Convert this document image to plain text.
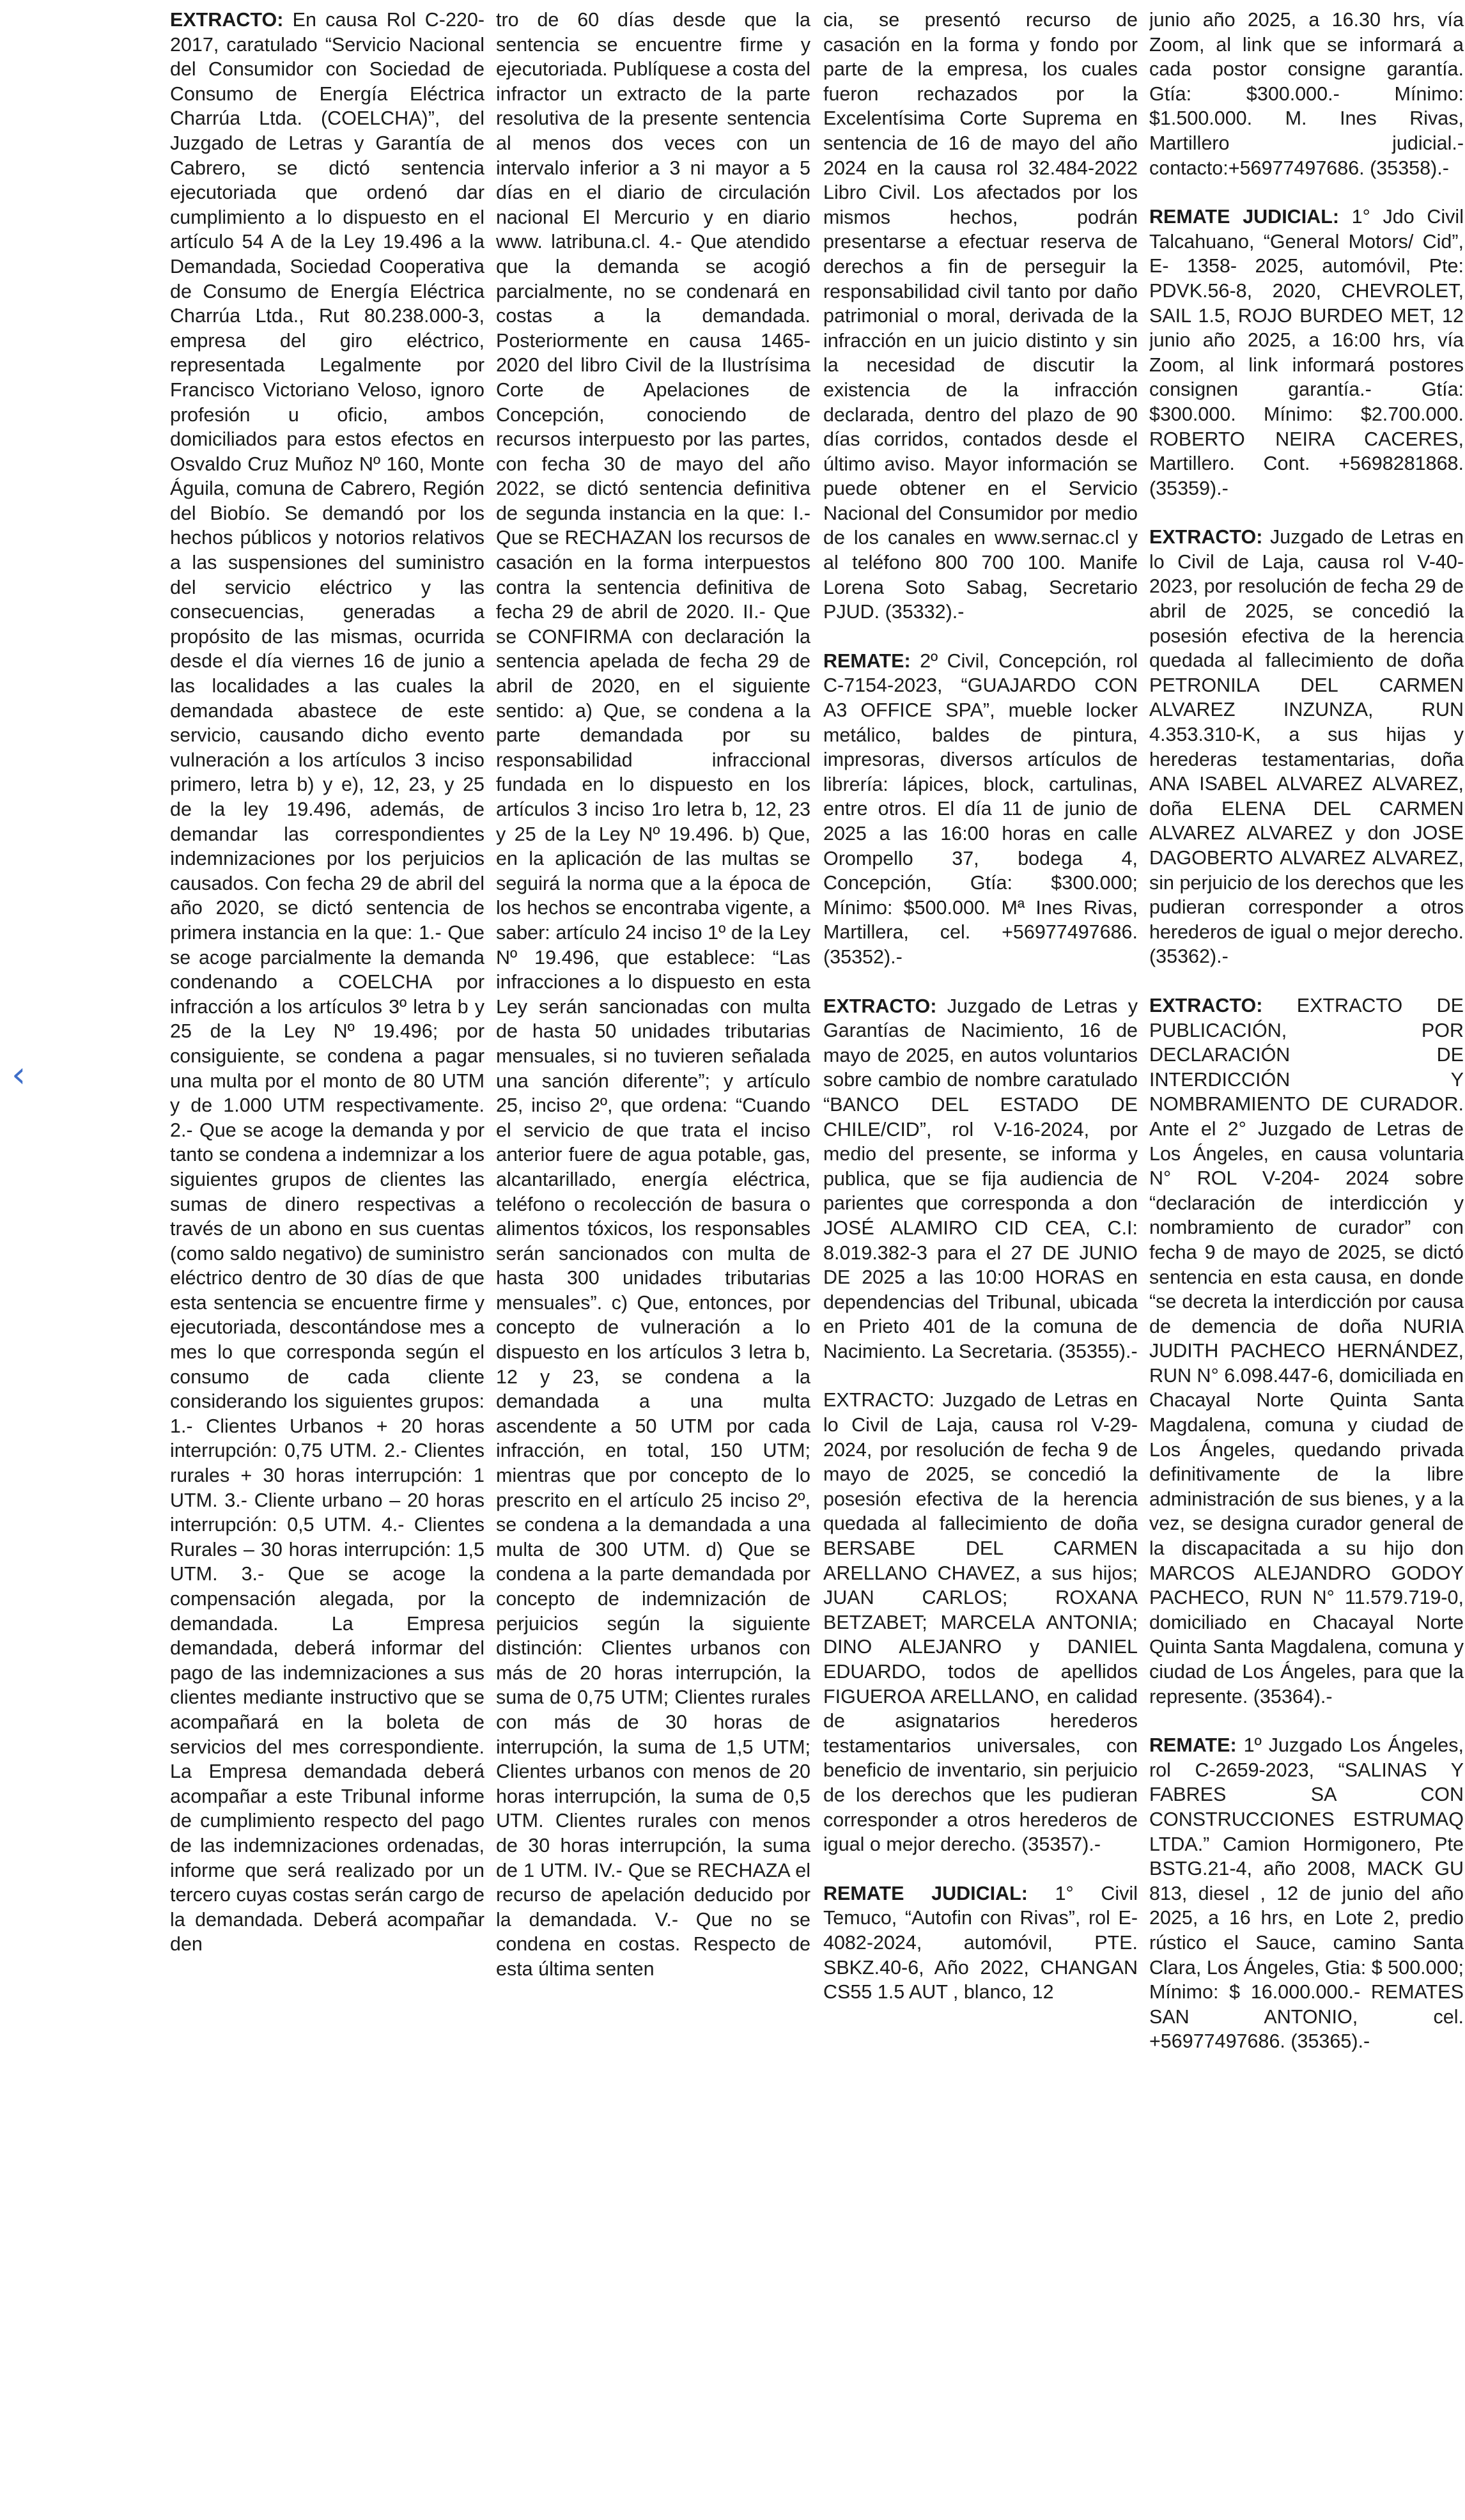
‹

EXTRACTO: En causa Rol C-220-2017, caratulado “Servicio Nacional del Consumidor con Sociedad de Consumo de Energía Eléctrica Charrúa Ltda. (COELCHA)”, del Juzgado de Letras y Garantía de Cabrero, se dictó sentencia ejecutoriada que ordenó dar cumplimiento a lo dispuesto en el artículo 54 A de la Ley 19.496 a la Demandada, Sociedad Cooperativa de Consumo de Energía Eléctrica Charrúa Ltda., Rut 80.238.000-3, empresa del giro eléctrico, representada Legalmente por Francisco Victoriano Veloso, ignoro profesión u oficio, ambos domiciliados para estos efectos en Osvaldo Cruz Muñoz Nº 160, Monte Águila, comuna de Cabrero, Región del Biobío. Se demandó por los hechos públicos y notorios relativos a las suspensiones del suministro del servicio eléctrico y las consecuencias, generadas a propósito de las mismas, ocurrida desde el día viernes 16 de junio a las localidades a las cuales la demandada abastece de este servicio, causando dicho evento vulneración a los artículos 3 inciso primero, letra b) y e), 12, 23, y 25 de la ley 19.496, además, de demandar las correspondientes indemnizaciones por los perjuicios causados. Con fecha 29 de abril del año 2020, se dictó sentencia de primera instancia en la que: 1.- Que se acoge parcialmente la demanda condenando a COELCHA por infracción a los artículos 3º letra b y 25 de la Ley Nº 19.496; por consiguiente, se condena a pagar una multa por el monto de 80 UTM y de 1.000 UTM respectivamente. 2.- Que se acoge la demanda y por tanto se condena a indemnizar a los siguientes grupos de clientes las sumas de dinero respectivas a través de un abono en sus cuentas (como saldo negativo) de suministro eléctrico dentro de 30 días de que esta sentencia se encuentre firme y ejecutoriada, descontándose mes a mes lo que corresponda según el consumo de cada cliente considerando los siguientes grupos: 1.- Clientes Urbanos + 20 horas interrupción: 0,75 UTM. 2.- Clientes rurales + 30 horas interrupción: 1 UTM. 3.- Cliente urbano – 20 horas interrupción: 0,5 UTM. 4.- Clientes Rurales – 30 horas interrupción: 1,5 UTM. 3.- Que se acoge la compensación alegada, por la demandada. La Empresa demandada, deberá informar del pago de las indemnizaciones a sus clientes mediante instructivo que se acompañará en la boleta de servicios del mes correspondiente. La Empresa demandada deberá acompañar a este Tribunal informe de cumplimiento respecto del pago de las indemnizaciones ordenadas, informe que será realizado por un tercero cuyas costas serán cargo de la demandada. Deberá acompañar den

tro de 60 días desde que la sentencia se encuentre firme y ejecutoriada. Publíquese a costa del infractor un extracto de la parte resolutiva de la presente sentencia al menos dos veces con un intervalo inferior a 3 ni mayor a 5 días en el diario de circulación nacional El Mercurio y en diario www. latribuna.cl. 4.- Que atendido que la demanda se acogió parcialmente, no se condenará en costas a la demandada. Posteriormente en causa 1465-2020 del libro Civil de la Ilustrísima Corte de Apelaciones de Concepción, conociendo de recursos interpuesto por las partes, con fecha 30 de mayo del año 2022, se dictó sentencia definitiva de segunda instancia en la que: I.- Que se RECHAZAN los recursos de casación en la forma interpuestos contra la sentencia definitiva de fecha 29 de abril de 2020. II.- Que se CONFIRMA con declaración la sentencia apelada de fecha 29 de abril de 2020, en el siguiente sentido: a) Que, se condena a la parte demandada por su responsabilidad infraccional fundada en lo dispuesto en los artículos 3 inciso 1ro letra b, 12, 23 y 25 de la Ley Nº 19.496. b) Que, en la aplicación de las multas se seguirá la norma que a la época de los hechos se encontraba vigente, a saber: artículo 24 inciso 1º de la Ley Nº 19.496, que establece: “Las infracciones a lo dispuesto en esta Ley serán sancionadas con multa de hasta 50 unidades tributarias mensuales, si no tuvieren señalada una sanción diferente”; y artículo 25, inciso 2º, que ordena: “Cuando el servicio de que trata el inciso anterior fuere de agua potable, gas, alcantarillado, energía eléctrica, teléfono o recolección de basura o alimentos tóxicos, los responsables serán sancionados con multa de hasta 300 unidades tributarias mensuales”. c) Que, entonces, por concepto de vulneración a lo dispuesto en los artículos 3 letra b, 12 y 23, se condena a la demandada a una multa ascendente a 50 UTM por cada infracción, en total, 150 UTM; mientras que por concepto de lo prescrito en el artículo 25 inciso 2º, se condena a la demandada a una multa de 300 UTM. d) Que se condena a la parte demandada por concepto de indemnización de perjuicios según la siguiente distinción: Clientes urbanos con más de 20 horas interrupción, la suma de 0,75 UTM; Clientes rurales con más de 30 horas de interrupción, la suma de 1,5 UTM; Clientes urbanos con menos de 20 horas interrupción, la suma de 0,5 UTM. Clientes rurales con menos de 30 horas interrupción, la suma de 1 UTM. IV.- Que se RECHAZA el recurso de apelación deducido por la demandada. V.- Que no se condena en costas. Respecto de esta última senten

cia, se presentó recurso de casación en la forma y fondo por parte de la empresa, los cuales fueron rechazados por la Excelentísima Corte Suprema en sentencia de 16 de mayo del año 2024 en la causa rol 32.484-2022 Libro Civil. Los afectados por los mismos hechos, podrán presentarse a efectuar reserva de derechos a fin de perseguir la responsabilidad civil tanto por daño patrimonial o moral, derivada de la infracción en un juicio distinto y sin la necesidad de discutir la existencia de la infracción declarada, dentro del plazo de 90 días corridos, contados desde el último aviso. Mayor información se puede obtener en el Servicio Nacional del Consumidor por medio de los canales en www.sernac.cl y al teléfono 800 700 100. Manife Lorena Soto Sabag, Secretario PJUD. (35332).-

REMATE: 2º Civil, Concepción, rol C-7154-2023, “GUAJARDO CON A3 OFFICE SPA”, mueble locker metálico, baldes de pintura, impresoras, diversos artículos de librería: lápices, block, cartulinas, entre otros. El día 11 de junio de 2025 a las 16:00 horas en calle Orompello 37, bodega 4, Concepción, Gtía: $300.000; Mínimo: $500.000. Mª Ines Rivas, Martillera, cel. +56977497686. (35352).-

EXTRACTO: Juzgado de Letras y Garantías de Nacimiento, 16 de mayo de 2025, en autos voluntarios sobre cambio de nombre caratulado “BANCO DEL ESTADO DE CHILE/CID”, rol V-16-2024, por medio del presente, se informa y publica, que se fija audiencia de parientes que corresponda a don JOSÉ ALAMIRO CID CEA, C.I: 8.019.382-3 para el 27 DE JUNIO DE 2025 a las 10:00 HORAS en dependencias del Tribunal, ubicada en Prieto 401 de la comuna de Nacimiento. La Secretaria. (35355).-

EXTRACTO: Juzgado de Letras en lo Civil de Laja, causa rol V-29-2024, por resolución de fecha 9 de mayo de 2025, se concedió la posesión efectiva de la herencia quedada al fallecimiento de doña BERSABE DEL CARMEN ARELLANO CHAVEZ, a sus hijos; JUAN CARLOS; ROXANA BETZABET; MARCELA ANTONIA; DINO ALEJANRO y DANIEL EDUARDO, todos de apellidos FIGUEROA ARELLANO, en calidad de asignatarios herederos testamentarios universales, con beneficio de inventario, sin perjuicio de los derechos que les pudieran corresponder a otros herederos de igual o mejor derecho. (35357).-

REMATE JUDICIAL: 1° Civil Temuco, “Autofin con Rivas”, rol E-4082-2024, automóvil, PTE. SBKZ.40-6, Año 2022, CHANGAN CS55 1.5 AUT , blanco, 12

junio año 2025, a 16.30 hrs, vía Zoom, al link que se informará a cada postor consigne garantía. Gtía: $300.000.- Mínimo: $1.500.000. M. Ines Rivas, Martillero judicial.- contacto:+56977497686. (35358).-

REMATE JUDICIAL: 1° Jdo Civil Talcahuano, “General Motors/ Cid”, E- 1358- 2025, automóvil, Pte: PDVK.56-8, 2020, CHEVROLET, SAIL 1.5, ROJO BURDEO MET, 12 junio año 2025, a 16:00 hrs, vía Zoom, al link informará postores consignen garantía.- Gtía: $300.000. Mínimo: $2.700.000. ROBERTO NEIRA CACERES, Martillero. Cont. +5698281868. (35359).-

EXTRACTO: Juzgado de Letras en lo Civil de Laja, causa rol V-40-2023, por resolución de fecha 29 de abril de 2025, se concedió la posesión efectiva de la herencia quedada al fallecimiento de doña PETRONILA DEL CARMEN ALVAREZ INZUNZA, RUN 4.353.310-K, a sus hijas y herederas testamentarias, doña ANA ISABEL ALVAREZ ALVAREZ, doña ELENA DEL CARMEN ALVAREZ ALVAREZ y don JOSE DAGOBERTO ALVAREZ ALVAREZ, sin perjuicio de los derechos que les pudieran corresponder a otros herederos de igual o mejor derecho. (35362).-

EXTRACTO: EXTRACTO DE PUBLICACIÓN, POR DECLARACIÓN DE INTERDICCIÓN Y NOMBRAMIENTO DE CURADOR. Ante el 2° Juzgado de Letras de Los Ángeles, en causa voluntaria N° ROL V-204- 2024 sobre “declaración de interdicción y nombramiento de curador” con fecha 9 de mayo de 2025, se dictó sentencia en esta causa, en donde “se decreta la interdicción por causa de demencia de doña NURIA JUDITH PACHECO HERNÁNDEZ, RUN N° 6.098.447-6, domiciliada en Chacayal Norte Quinta Santa Magdalena, comuna y ciudad de Los Ángeles, quedando privada definitivamente de la libre administración de sus bienes, y a la vez, se designa curador general de la discapacitada a su hijo don MARCOS ALEJANDRO GODOY PACHECO, RUN N° 11.579.719-0, domiciliado en Chacayal Norte Quinta Santa Magdalena, comuna y ciudad de Los Ángeles, para que la represente. (35364).-

REMATE: 1º Juzgado Los Ángeles, rol C-2659-2023, “SALINAS Y FABRES SA CON CONSTRUCCIONES ESTRUMAQ LTDA.” Camion Hormigonero, Pte BSTG.21-4, año 2008, MACK GU 813, diesel , 12 de junio del año 2025, a 16 hrs, en Lote 2, predio rústico el Sauce, camino Santa Clara, Los Ángeles, Gtia: $ 500.000; Mínimo: $ 16.000.000.- REMATES SAN ANTONIO, cel. +56977497686. (35365).-
